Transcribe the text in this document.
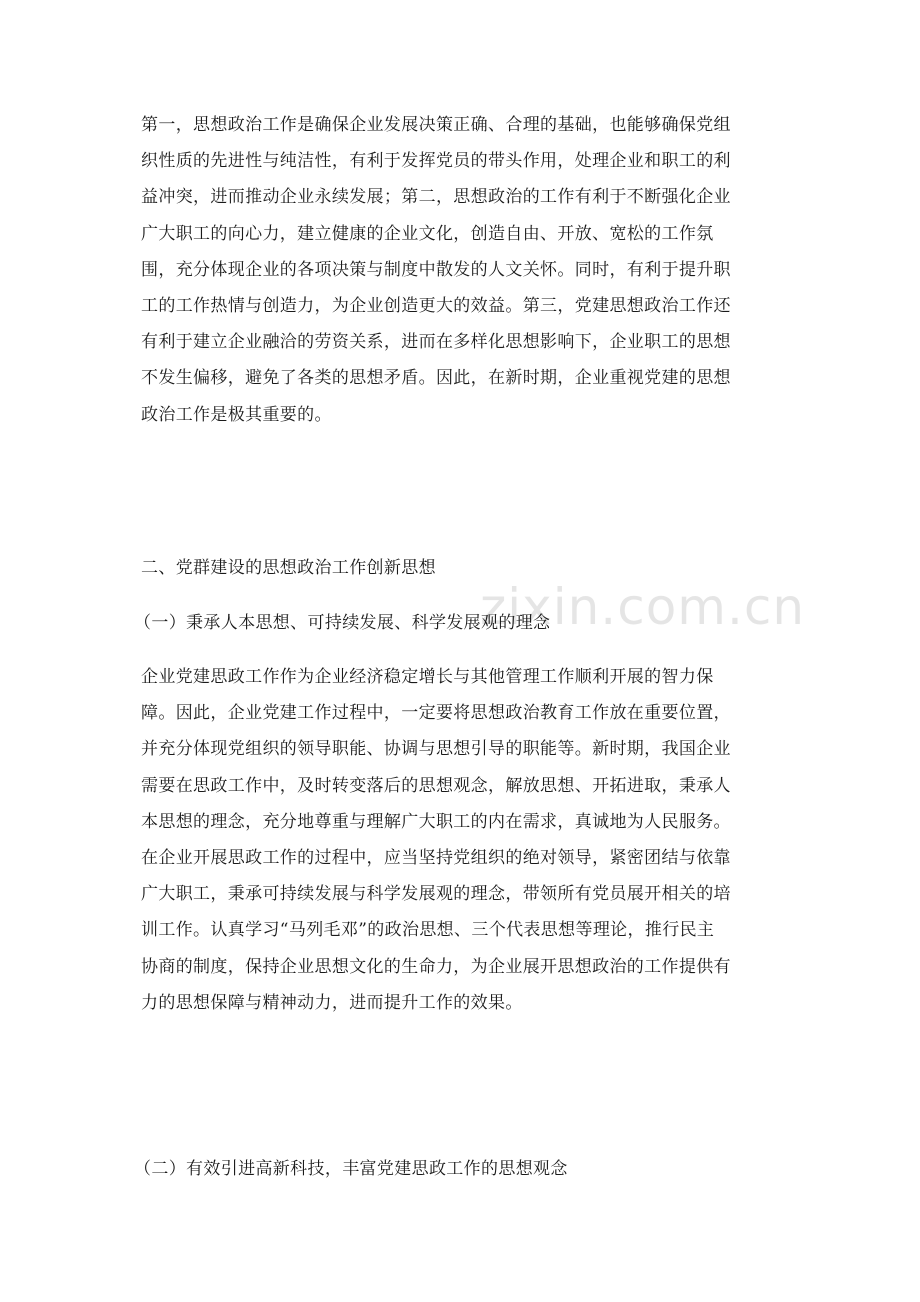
第一，思想政治工作是确保企业发展决策正确、合理的基础，也能够确保党组
织性质的先进性与纯洁性，有利于发挥党员的带头作用，处理企业和职工的利
益冲突，进而推动企业永续发展；第二，思想政治的工作有利于不断强化企业
广大职工的向心力，建立健康的企业文化，创造自由、开放、宽松的工作氛
围，充分体现企业的各项决策与制度中散发的人文关怀。同时，有利于提升职
工的工作热情与创造力，为企业创造更大的效益。第三，党建思想政治工作还
有利于建立企业融洽的劳资关系，进而在多样化思想影响下，企业职工的思想
不发生偏移，避免了各类的思想矛盾。因此，在新时期，企业重视党建的思想
政治工作是极其重要的。
二、党群建设的思想政治工作创新思想
（一）秉承人本思想、可持续发展、科学发展观的理念
企业党建思政工作作为企业经济稳定增长与其他管理工作顺利开展的智力保
障。因此，企业党建工作过程中，一定要将思想政治教育工作放在重要位置，
并充分体现党组织的领导职能、协调与思想引导的职能等。新时期，我国企业
需要在思政工作中，及时转变落后的思想观念，解放思想、开拓进取，秉承人
本思想的理念，充分地尊重与理解广大职工的内在需求，真诚地为人民服务。
在企业开展思政工作的过程中，应当坚持党组织的绝对领导，紧密团结与依靠
广大职工，秉承可持续发展与科学发展观的理念，带领所有党员展开相关的培
训工作。认真学习“马列毛邓”的政治思想、三个代表思想等理论，推行民主
协商的制度，保持企业思想文化的生命力，为企业展开思想政治的工作提供有
力的思想保障与精神动力，进而提升工作的效果。
（二）有效引进高新科技，丰富党建思政工作的思想观念
zixin.com.cn
